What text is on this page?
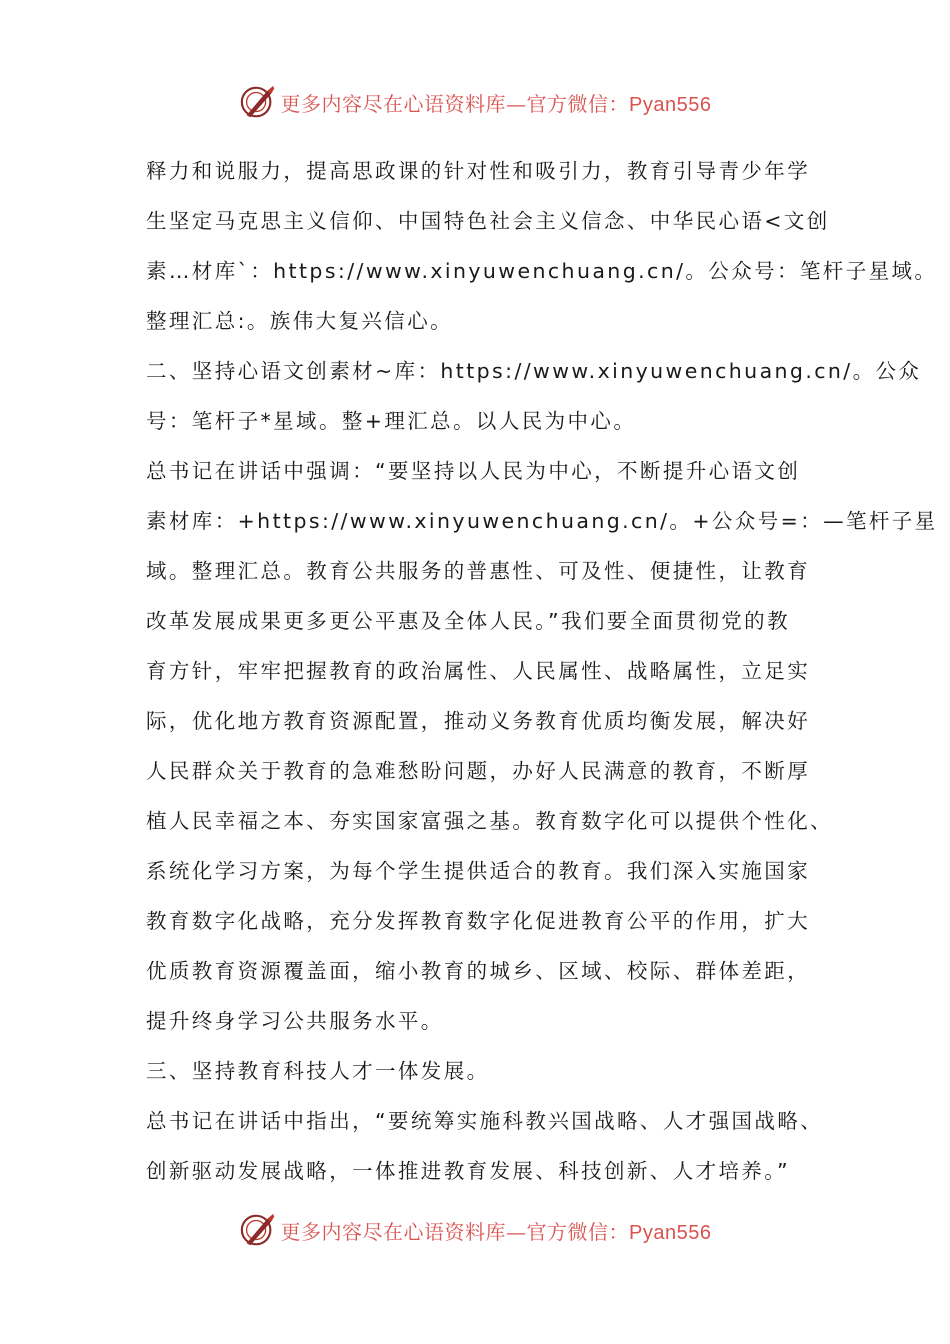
更多内容尽在心语资料库—官方微信：Pyan556
释力和说服力，提高思政课的针对性和吸引力，教育引导青少年学
生坚定马克思主义信仰、中国特色社会主义信念、中华民心语<文创
素…材库`：https://www.xinyuwenchuang.cn/。公众号：笔杆子星域。
整理汇总:。族伟大复兴信心。
二、坚持心语文创素材~库：https://www.xinyuwenchuang.cn/。公众
号：笔杆子*星域。整+理汇总。以人民为中心。
总书记在讲话中强调：“要坚持以人民为中心，不断提升心语文创
素材库：+https://www.xinyuwenchuang.cn/。+公众号=：—笔杆子星
域。整理汇总。教育公共服务的普惠性、可及性、便捷性，让教育
改革发展成果更多更公平惠及全体人民。”我们要全面贯彻党的教
育方针，牢牢把握教育的政治属性、人民属性、战略属性，立足实
际，优化地方教育资源配置，推动义务教育优质均衡发展，解决好
人民群众关于教育的急难愁盼问题，办好人民满意的教育，不断厚
植人民幸福之本、夯实国家富强之基。教育数字化可以提供个性化、
系统化学习方案，为每个学生提供适合的教育。我们深入实施国家
教育数字化战略，充分发挥教育数字化促进教育公平的作用，扩大
优质教育资源覆盖面，缩小教育的城乡、区域、校际、群体差距，
提升终身学习公共服务水平。
三、坚持教育科技人才一体发展。
总书记在讲话中指出，“要统筹实施科教兴国战略、人才强国战略、
创新驱动发展战略，一体推进教育发展、科技创新、人才培养。”
更多内容尽在心语资料库—官方微信：Pyan556
